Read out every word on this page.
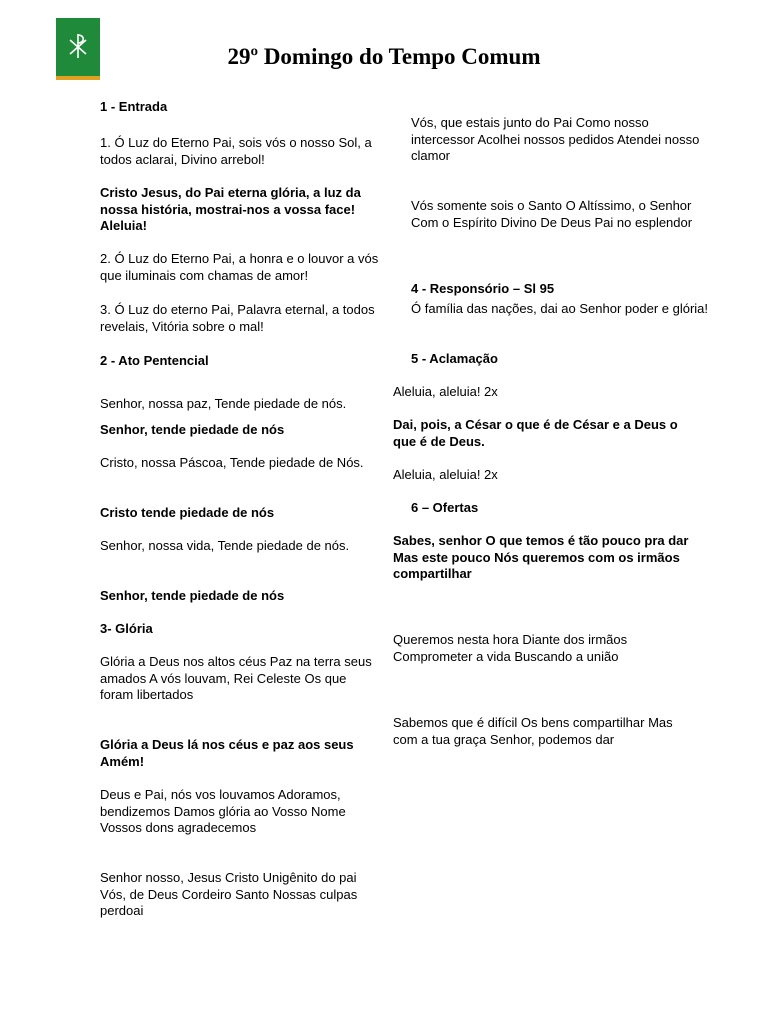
29º Domingo do Tempo Comum

1 - Entrada

1. Ó Luz do Eterno Pai, sois vós o nosso Sol, a todos aclarai, Divino arrebol!

Cristo Jesus, do Pai eterna glória, a luz da nossa história, mostrai-nos a vossa face! Aleluia!

2. Ó Luz do Eterno Pai, a honra e o louvor a vós que iluminais com chamas de amor!

3. Ó Luz do eterno Pai, Palavra eternal, a todos revelais, Vitória sobre o mal!

2 - Ato Pentencial

Senhor, nossa paz, Tende piedade de nós.

Senhor, tende piedade de nós

Cristo, nossa Páscoa, Tende piedade de Nós.

Cristo tende piedade de nós

Senhor, nossa vida, Tende piedade de nós.

Senhor, tende piedade de nós

3- Glória

Glória a Deus nos altos céus Paz na terra seus amados A vós louvam, Rei Celeste Os que foram libertados

Glória a Deus lá nos céus e paz aos seus Amém!

Deus e Pai, nós vos louvamos Adoramos, bendizemos Damos glória ao Vosso Nome Vossos dons agradecemos

Senhor nosso, Jesus Cristo Unigênito do pai Vós, de Deus Cordeiro Santo Nossas culpas perdoai

Vós, que estais junto do Pai Como nosso intercessor Acolhei nossos pedidos Atendei nosso clamor

Vós somente sois o Santo O Altíssimo, o Senhor Com o Espírito Divino De Deus Pai no esplendor

4 - Responsório – Sl 95

Ó família das nações, dai ao Senhor poder e glória!

5 - Aclamação

Aleluia, aleluia! 2x

Dai, pois, a César o que é de César e a Deus o que é de Deus.

Aleluia, aleluia! 2x

6 – Ofertas

Sabes, senhor O que temos é tão pouco pra dar Mas este pouco Nós queremos com os irmãos compartilhar

Queremos nesta hora Diante dos irmãos Comprometer a vida Buscando a união

Sabemos que é difícil Os bens compartilhar Mas com a tua graça Senhor, podemos dar
